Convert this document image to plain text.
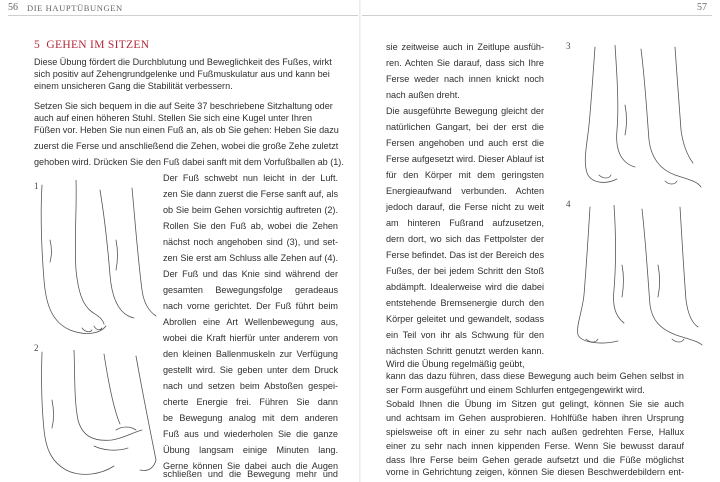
56 DIE HAUPTÜBUNGEN	57
5 GEHEN IM SITZEN
Diese Übung fördert die Durchblutung und Beweglichkeit des Fußes, wirkt
sich positiv auf Zehengrundgelenke und Fußmuskulatur aus und kann bei
einem unsicheren Gang die Stabilität verbessern.
Setzen Sie sich bequem in die auf Seite 37 beschriebene Sitzhaltung oder
auch auf einen höheren Stuhl. Stellen Sie sich eine Kugel unter Ihren
Füßen vor. Heben Sie nun einen Fuß an, als ob Sie gehen: Heben Sie dazu
zuerst die Ferse und anschließend die Zehen, wobei die große Zehe zuletzt
gehoben wird. Drücken Sie den Fuß dabei sanft mit dem Vorfußballen ab (1).
Der Fuß schwebt nun leicht in der Luft.
zen Sie dann zuerst die Ferse sanft auf, als
ob Sie beim Gehen vorsichtig auftreten (2).
Rollen Sie den Fuß ab, wobei die Zehen
nächst noch angehoben sind (3), und set-
zen Sie erst am Schluss alle Zehen auf (4).
Der Fuß und das Knie sind während der
gesamten Bewegungsfolge geradeaus
nach vorne gerichtet. Der Fuß führt beim
Abrollen eine Art Wellenbewegung aus,
wobei die Kraft hierfür unter anderem von
den kleinen Ballenmuskeln zur Verfügung
gestellt wird. Sie geben unter dem Druck
nach und setzen beim Abstoßen gespei-
cherte Energie frei. Führen Sie dann
be Bewegung analog mit dem anderen
Fuß aus und wiederholen Sie die ganze
Übung langsam einige Minuten lang.
Gerne können Sie dabei auch die Augen
schließen und die Bewegung mehr und
sie zeitweise auch in Zeitlupe ausfüh-
ren. Achten Sie darauf, dass sich Ihre
Ferse weder nach innen knickt noch
nach außen dreht.
Die ausgeführte Bewegung gleicht der
natürlichen Gangart, bei der erst die
Fersen angehoben und auch erst die
Ferse aufgesetzt wird. Dieser Ablauf ist
für den Körper mit dem geringsten
Energieaufwand verbunden. Achten
jedoch darauf, die Ferse nicht zu weit
am hinteren Fußrand aufzusetzen,
dern dort, wo sich das Fettpolster der
Ferse befindet. Das ist der Bereich des
Fußes, der bei jedem Schritt den Stoß
abdämpft. Idealerweise wird die dabei
entstehende Bremsenergie durch den
Körper geleitet und gewandelt, sodass
ein Teil von ihr als Schwung für den
nächsten Schritt genutzt werden kann.
Wird die Übung regelmäßig geübt,
kann das dazu führen, dass diese Bewegung auch beim Gehen selbst in
ser Form ausgeführt und einem Schlurfen entgegengewirkt wird.
Sobald Ihnen die Übung im Sitzen gut gelingt, können Sie sie auch
und achtsam im Gehen ausprobieren. Hohlfüße haben ihren Ursprung
spielsweise oft in einer zu sehr nach außen gedrehten Ferse, Hallux
einer zu sehr nach innen kippenden Ferse. Wenn Sie bewusst darauf
dass Ihre Ferse beim Gehen gerade aufsetzt und die Füße möglichst
vorne in Gehrichtung zeigen, können Sie diesen Beschwerdebildern ent-
1
2
3
4
